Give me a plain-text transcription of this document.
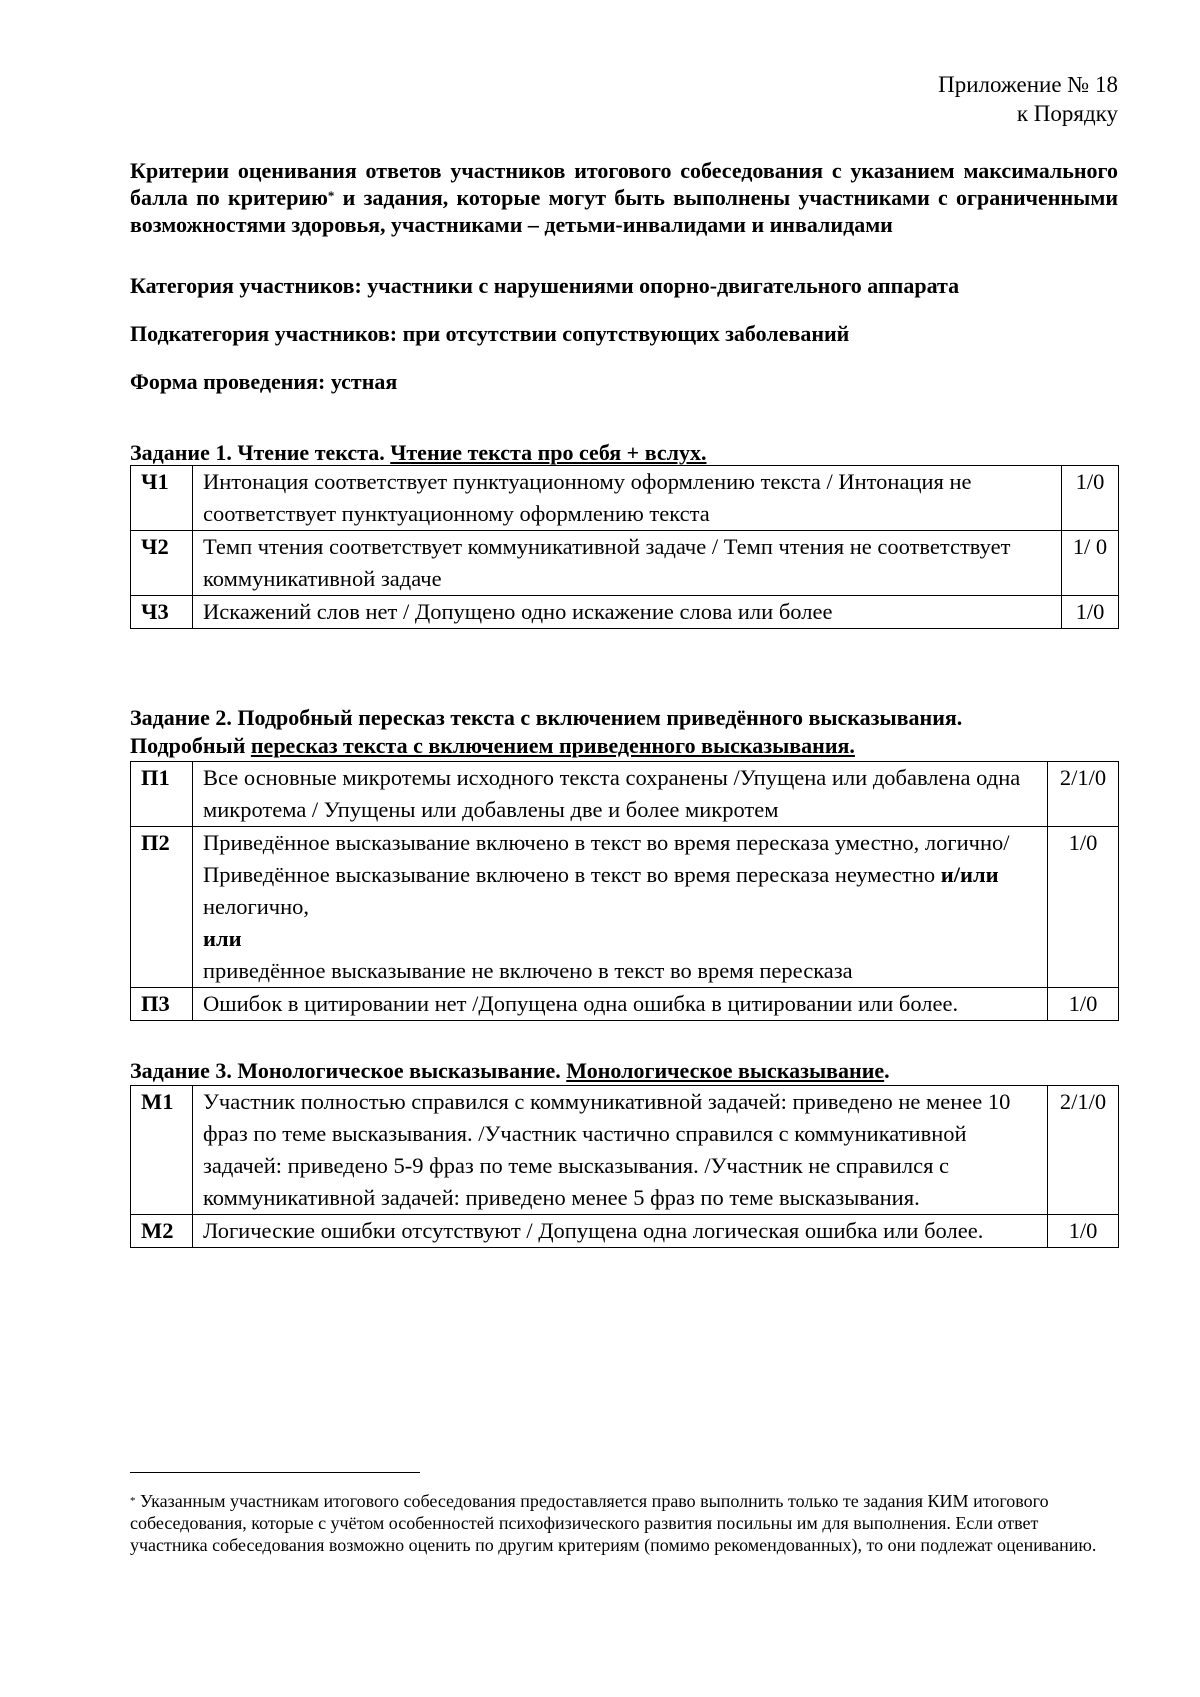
Приложение № 18
к Порядку
Критерии оценивания ответов участников итогового собеседования с указанием максимального балла по критерию* и задания, которые могут быть выполнены участниками с ограниченными возможностями здоровья, участниками – детьми-инвалидами и инвалидами
Категория участников: участники с нарушениями опорно-двигательного аппарата
Подкатегория участников: при отсутствии сопутствующих заболеваний
Форма проведения: устная
Задание 1. Чтение текста. Чтение текста про себя + вслух.
Ч1	Интонация соответствует пунктуационному оформлению текста / Интонация не соответствует пунктуационному оформлению текста	1/0
Ч2	Темп чтения соответствует коммуникативной задаче / Темп чтения не соответствует коммуникативной задаче	1/ 0
Ч3	Искажений слов нет / Допущено одно искажение слова или более	1/0
Задание 2. Подробный пересказ текста с включением приведённого высказывания.
Подробный пересказ текста с включением приведенного высказывания.
П1	Все основные микротемы исходного текста сохранены /Упущена или добавлена одна микротема / Упущены или добавлены две и более микротем	2/1/0
П2	Приведённое высказывание включено в текст во время пересказа уместно, логично/ Приведённое высказывание включено в текст во время пересказа неуместно и/или нелогично,
или
приведённое высказывание не включено в текст во время пересказа	1/0
П3	Ошибок в цитировании нет /Допущена одна ошибка в цитировании или более.	1/0
Задание 3. Монологическое высказывание. Монологическое высказывание.
М1	Участник полностью справился с коммуникативной задачей: приведено не менее 10 фраз по теме высказывания. /Участник частично справился с коммуникативной задачей: приведено 5-9 фраз по теме высказывания. /Участник не справился с коммуникативной задачей: приведено менее 5 фраз по теме высказывания.	2/1/0
М2	Логические ошибки отсутствуют / Допущена одна логическая ошибка или более.	1/0
* Указанным участникам итогового собеседования предоставляется право выполнить только те задания КИМ итогового собеседования, которые с учётом особенностей психофизического развития посильны им для выполнения. Если ответ участника собеседования возможно оценить по другим критериям (помимо рекомендованных), то они подлежат оцениванию.
